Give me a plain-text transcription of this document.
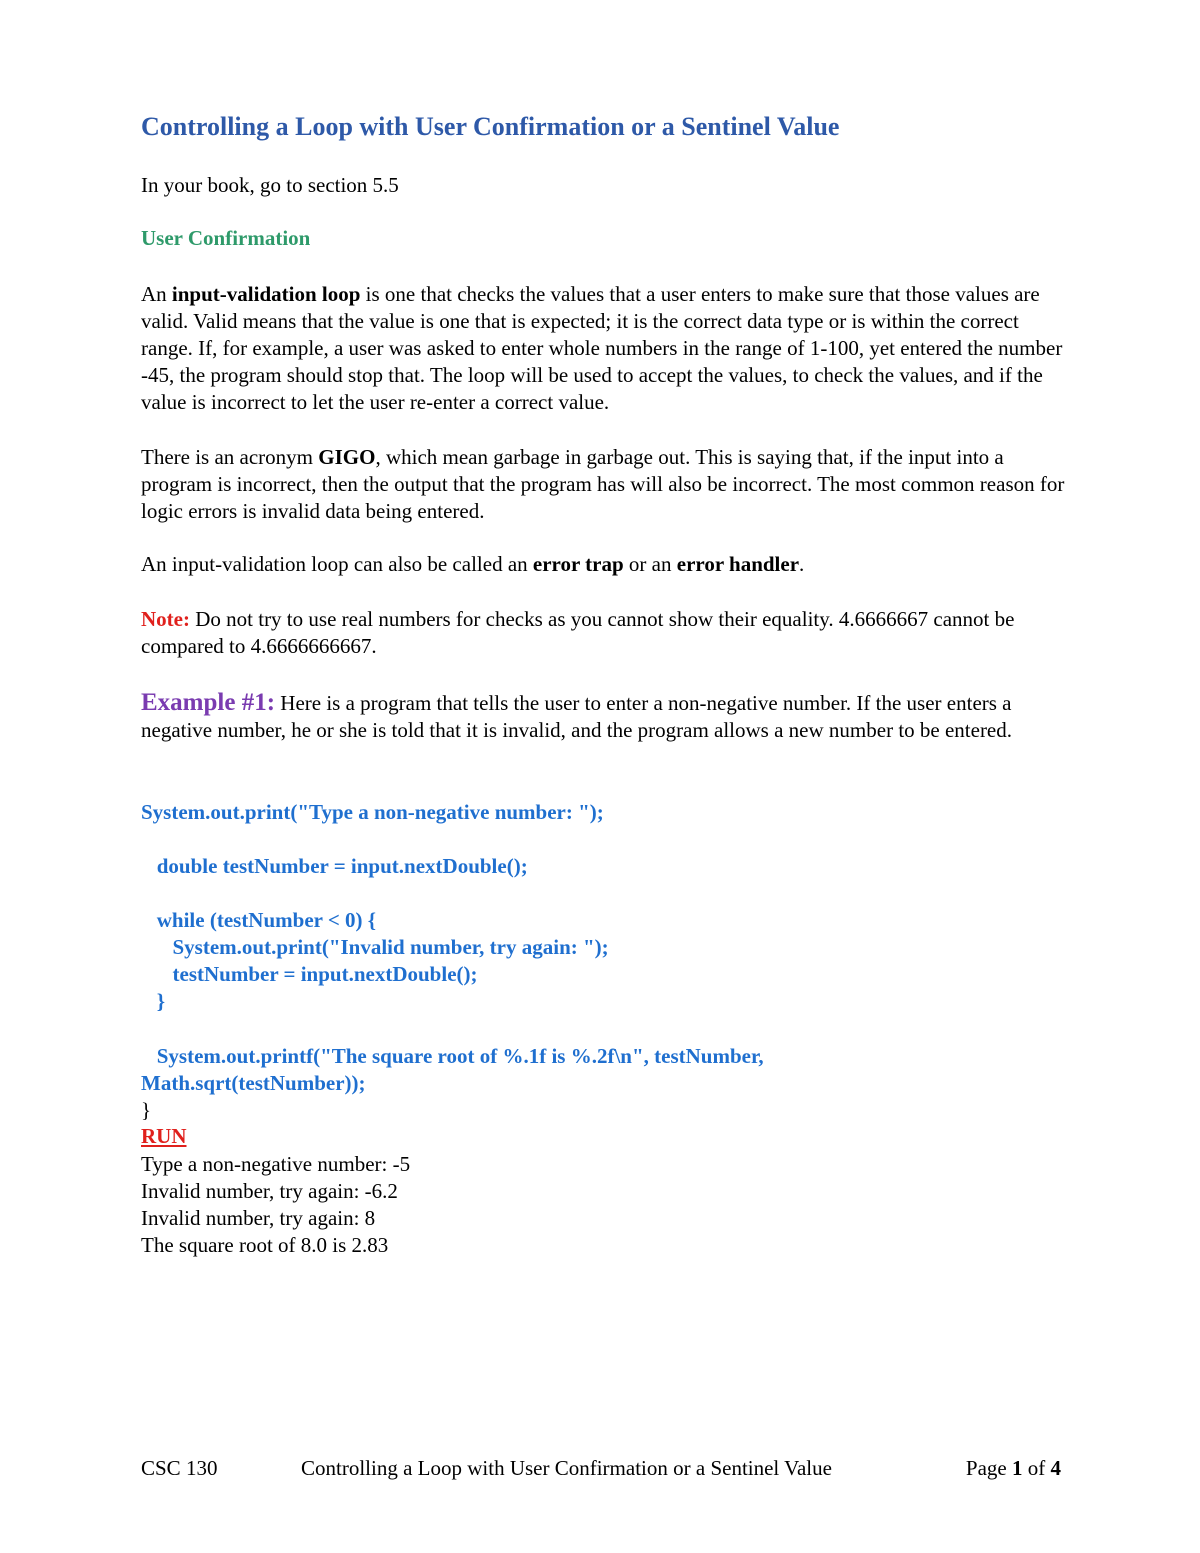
Controlling a Loop with User Confirmation or a Sentinel Value

In your book, go to section 5.5

User Confirmation

An input-validation loop is one that checks the values that a user enters to make sure that those values are valid. Valid means that the value is one that is expected; it is the correct data type or is within the correct range. If, for example, a user was asked to enter whole numbers in the range of 1-100, yet entered the number -45, the program should stop that. The loop will be used to accept the values, to check the values, and if the value is incorrect to let the user re-enter a correct value.

There is an acronym GIGO, which mean garbage in garbage out. This is saying that, if the input into a program is incorrect, then the output that the program has will also be incorrect. The most common reason for logic errors is invalid data being entered.

An input-validation loop can also be called an error trap or an error handler.

Note: Do not try to use real numbers for checks as you cannot show their equality. 4.6666667 cannot be compared to 4.6666666667.

Example #1: Here is a program that tells the user to enter a non-negative number. If the user enters a negative number, he or she is told that it is invalid, and the program allows a new number to be entered.

System.out.print("Type a non-negative number: ");
double testNumber = input.nextDouble();
while (testNumber < 0) {
System.out.print("Invalid number, try again: ");
testNumber = input.nextDouble();
}
System.out.printf("The square root of %.1f is %.2f\n", testNumber,
Math.sqrt(testNumber));
}
RUN
Type a non-negative number: -5
Invalid number, try again: -6.2
Invalid number, try again: 8
The square root of 8.0 is 2.83
CSC 130	Controlling a Loop with User Confirmation or a Sentinel Value	Page 1 of 4
